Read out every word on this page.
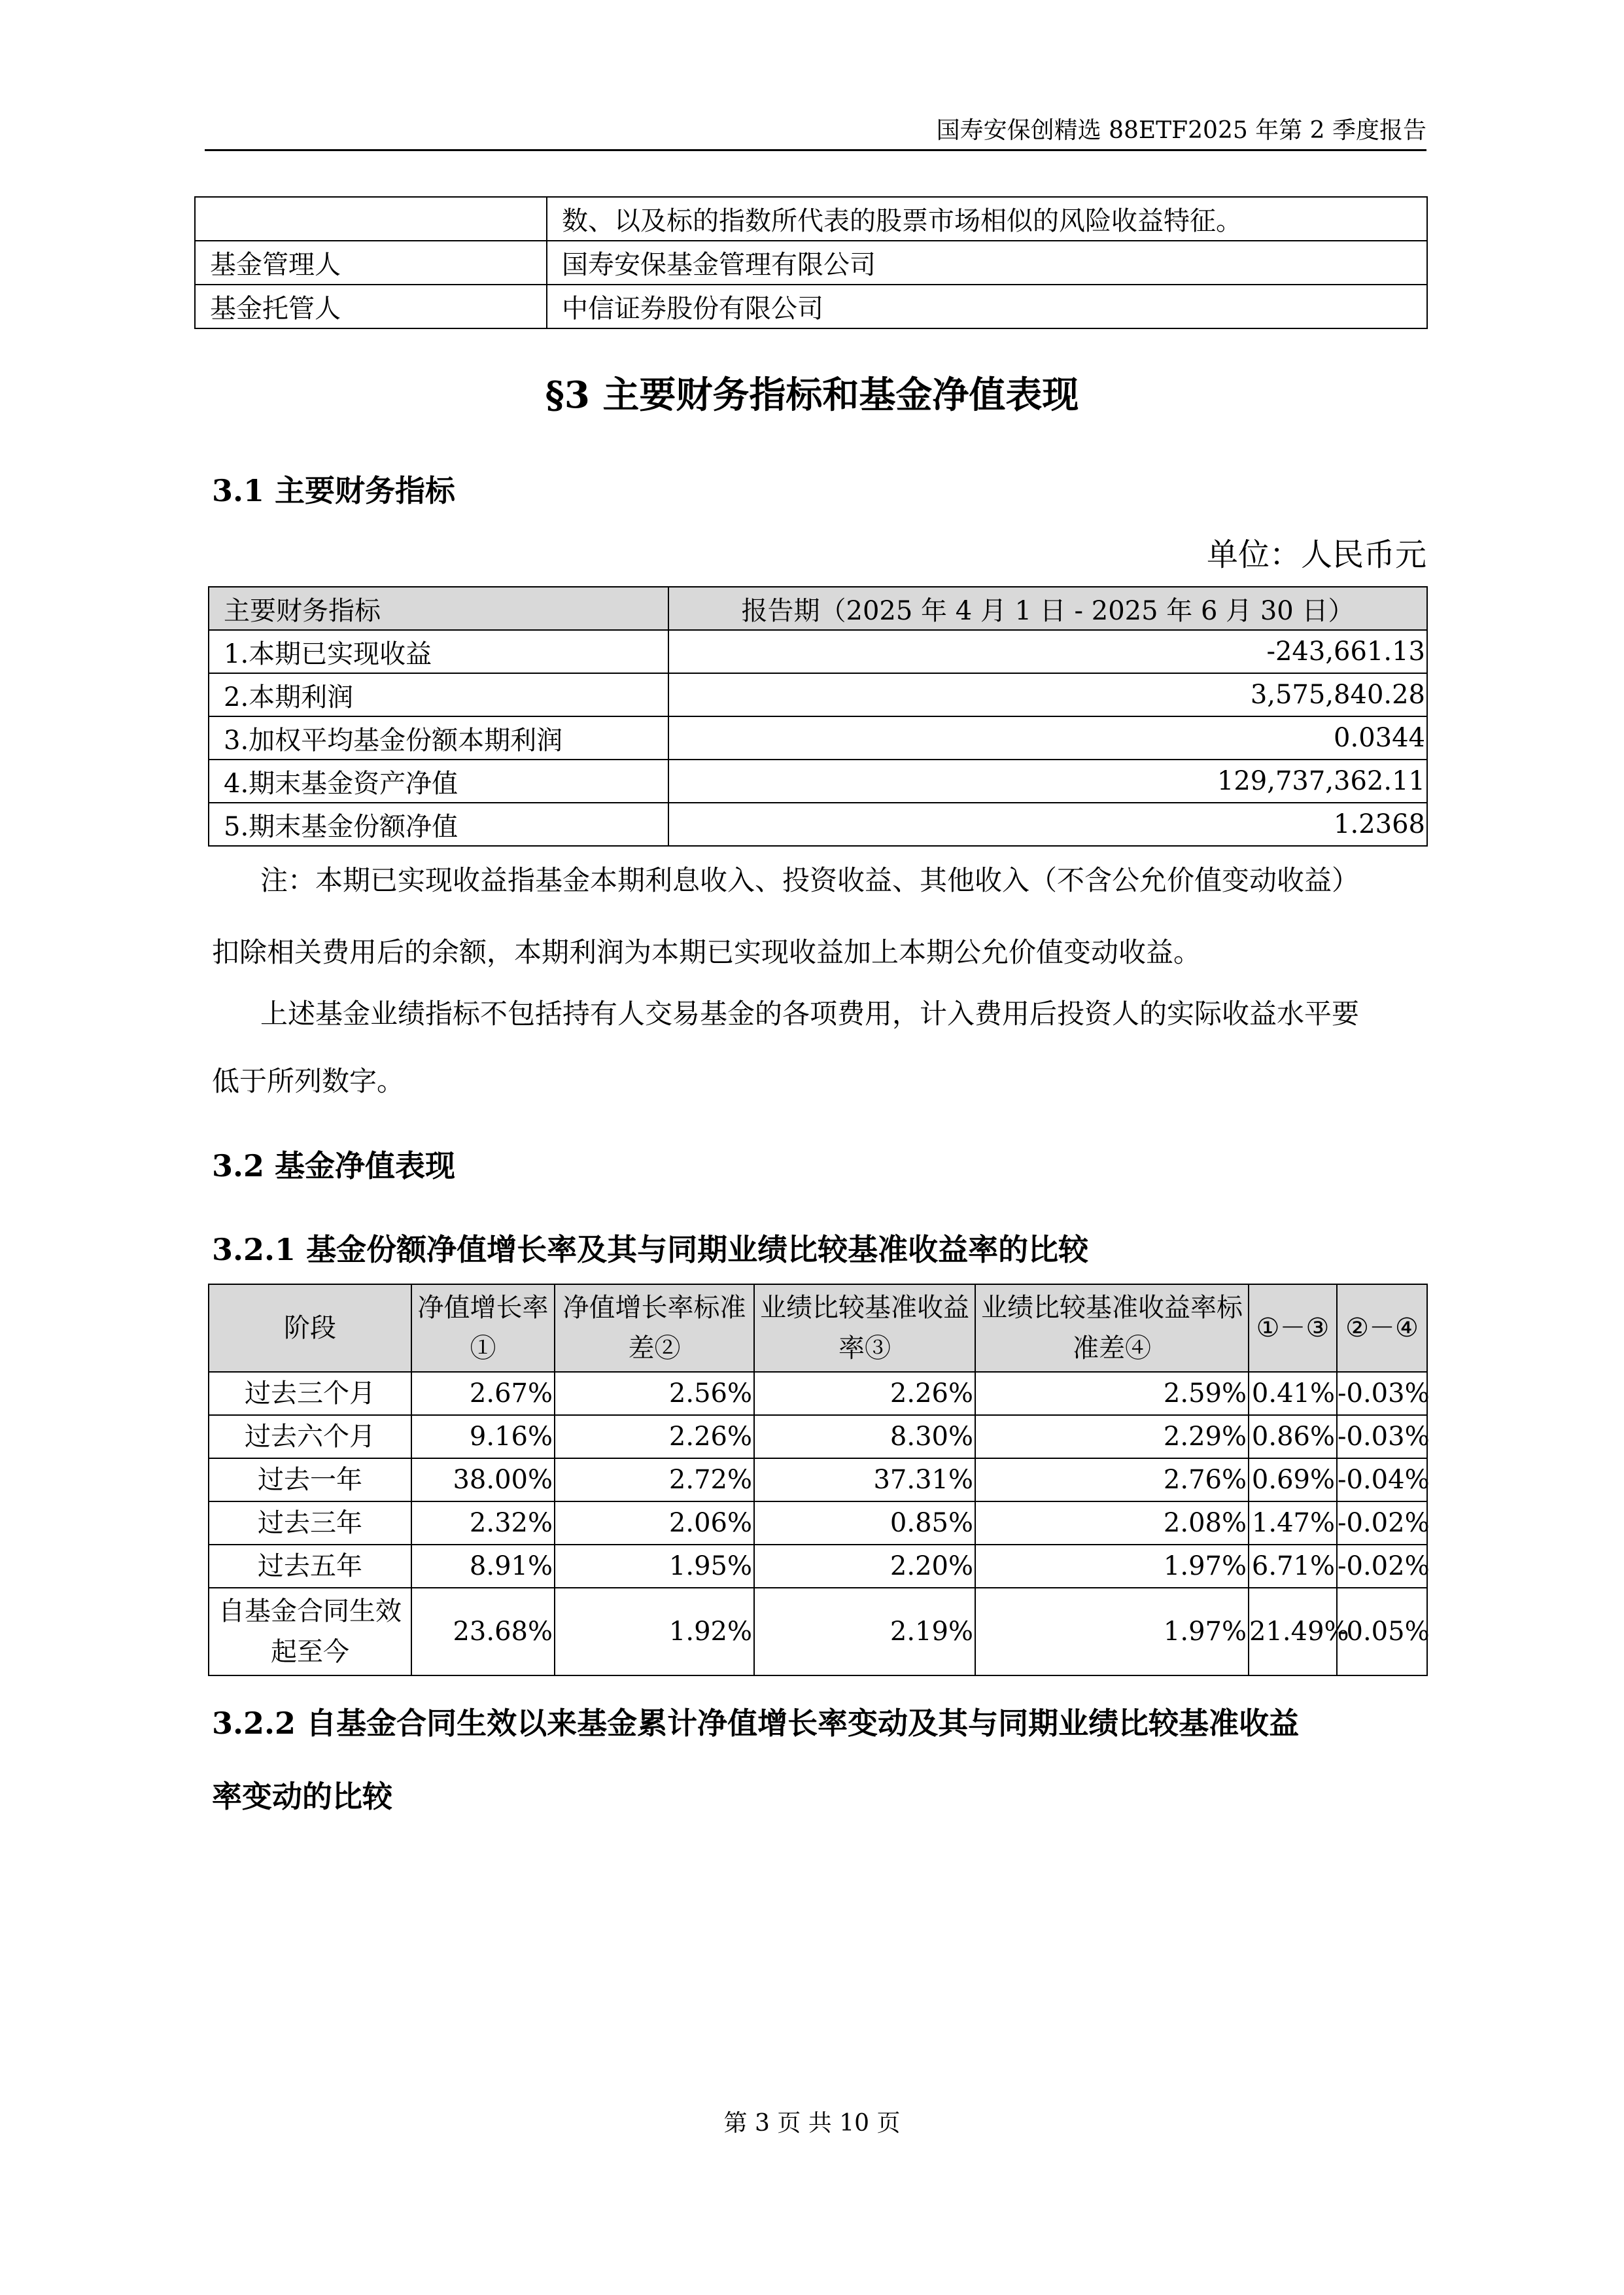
国寿安保创精选 88ETF2025 年第 2 季度报告
	数、以及标的指数所代表的股票市场相似的风险收益特征。
基金管理人	国寿安保基金管理有限公司
基金托管人	中信证券股份有限公司
§3 主要财务指标和基金净值表现
3.1 主要财务指标
单位：人民币元
主要财务指标	报告期（2025 年 4 月 1 日 - 2025 年 6 月 30 日）
1.本期已实现收益	-243,661.13
2.本期利润	3,575,840.28
3.加权平均基金份额本期利润	0.0344
4.期末基金资产净值	129,737,362.11
5.期末基金份额净值	1.2368
注：本期已实现收益指基金本期利息收入、投资收益、其他收入（不含公允价值变动收益）
扣除相关费用后的余额，本期利润为本期已实现收益加上本期公允价值变动收益。
上述基金业绩指标不包括持有人交易基金的各项费用，计入费用后投资人的实际收益水平要
低于所列数字。
3.2 基金净值表现
3.2.1 基金份额净值增长率及其与同期业绩比较基准收益率的比较
阶段	净值增长率①	净值增长率标准差②	业绩比较基准收益率③	业绩比较基准收益率标准差④	①－③	②－④
过去三个月	2.67%	2.56%	2.26%	2.59%	0.41%	-0.03%
过去六个月	9.16%	2.26%	8.30%	2.29%	0.86%	-0.03%
过去一年	38.00%	2.72%	37.31%	2.76%	0.69%	-0.04%
过去三年	2.32%	2.06%	0.85%	2.08%	1.47%	-0.02%
过去五年	8.91%	1.95%	2.20%	1.97%	6.71%	-0.02%
自基金合同生效起至今	23.68%	1.92%	2.19%	1.97%	21.49%	-0.05%
3.2.2 自基金合同生效以来基金累计净值增长率变动及其与同期业绩比较基准收益
率变动的比较
第 3 页 共 10 页
